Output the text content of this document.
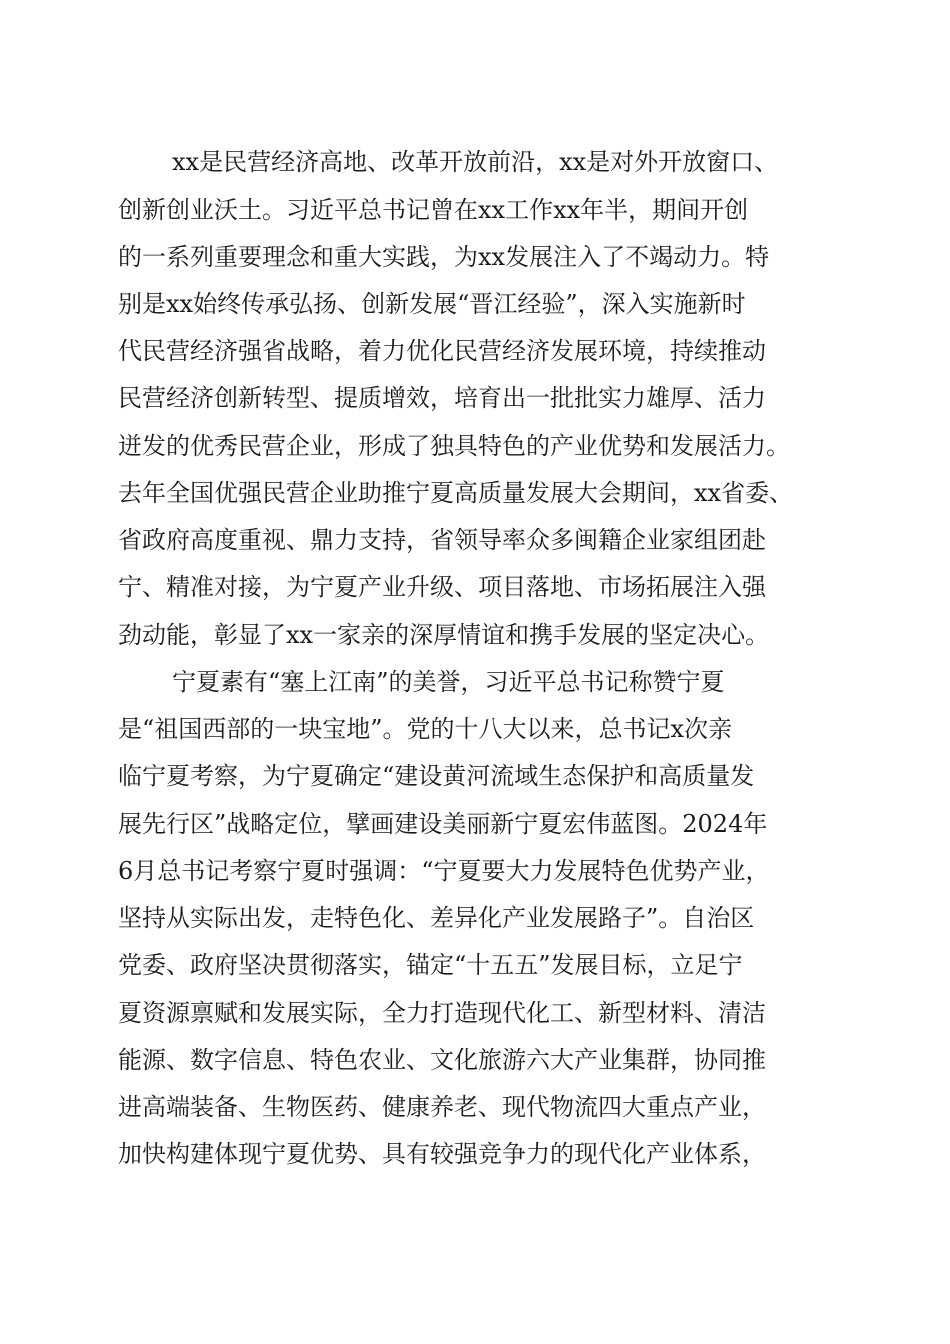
xx是民营经济高地、改革开放前沿，xx是对外开放窗口、
创新创业沃土。习近平总书记曾在xx工作xx年半，期间开创
的一系列重要理念和重大实践，为xx发展注入了不竭动力。特
别是xx始终传承弘扬、创新发展“晋江经验”，深入实施新时
代民营经济强省战略，着力优化民营经济发展环境，持续推动
民营经济创新转型、提质增效，培育出一批批实力雄厚、活力
迸发的优秀民营企业，形成了独具特色的产业优势和发展活力。
去年全国优强民营企业助推宁夏高质量发展大会期间，xx省委、
省政府高度重视、鼎力支持，省领导率众多闽籍企业家组团赴
宁、精准对接，为宁夏产业升级、项目落地、市场拓展注入强
劲动能，彰显了xx一家亲的深厚情谊和携手发展的坚定决心。
宁夏素有“塞上江南”的美誉，习近平总书记称赞宁夏
是“祖国西部的一块宝地”。党的十八大以来，总书记x次亲
临宁夏考察，为宁夏确定“建设黄河流域生态保护和高质量发
展先行区”战略定位，擘画建设美丽新宁夏宏伟蓝图。2024年
6月总书记考察宁夏时强调：“宁夏要大力发展特色优势产业，
坚持从实际出发，走特色化、差异化产业发展路子”。自治区
党委、政府坚决贯彻落实，锚定“十五五”发展目标，立足宁
夏资源禀赋和发展实际，全力打造现代化工、新型材料、清洁
能源、数字信息、特色农业、文化旅游六大产业集群，协同推
进高端装备、生物医药、健康养老、现代物流四大重点产业，
加快构建体现宁夏优势、具有较强竞争力的现代化产业体系，
